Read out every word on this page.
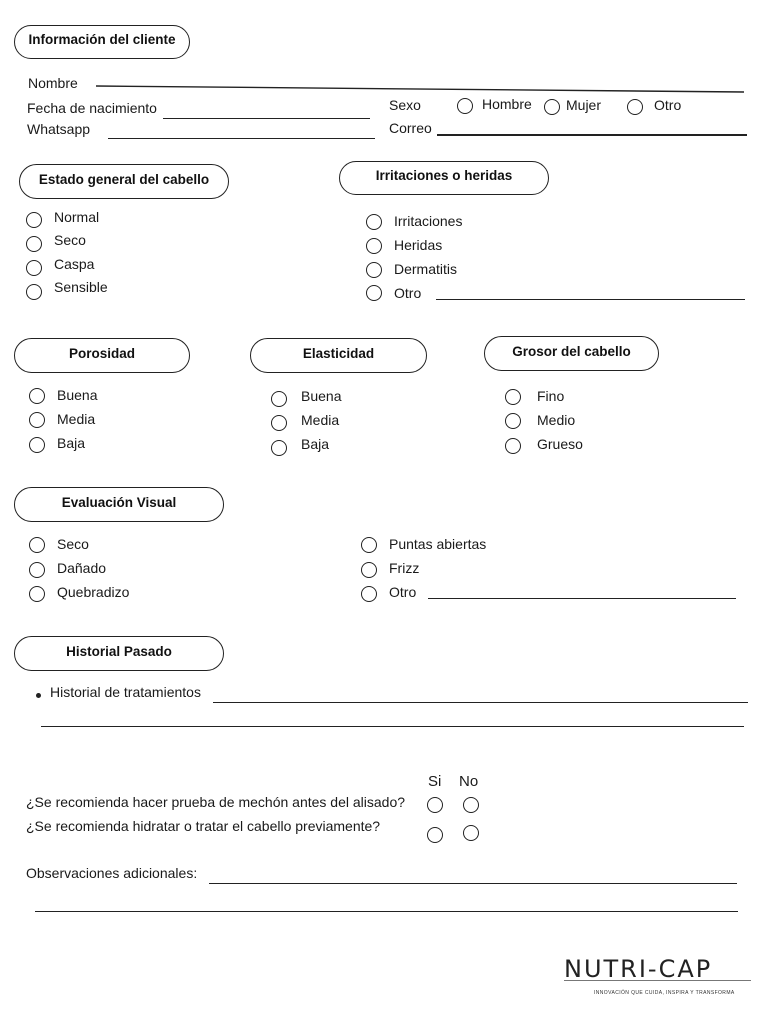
Información del cliente
Nombre
Fecha de nacimiento
Whatsapp
Sexo	Hombre Mujer	Otro
Correo
Estado general del cabello
Normal
Seco
Caspa
Sensible
Irritaciones o heridas
Irritaciones
Heridas
Dermatitis
Otro
Porosidad
Buena
Media
Baja
Elasticidad
Buena
Media
Baja
Grosor del cabello
Fino
Medio
Grueso
Evaluación Visual
Seco
Dañado
Quebradizo
Puntas abiertas
Frizz
Otro
Historial Pasado
Historial de tratamientos
Si No
¿Se recomienda hacer prueba de mechón antes del alisado?
¿Se recomienda hidratar o tratar el cabello previamente?
Observaciones adicionales:
NUTRI-CAP
INNOVACIÓN QUE CUIDA, INSPIRA Y TRANSFORMA
